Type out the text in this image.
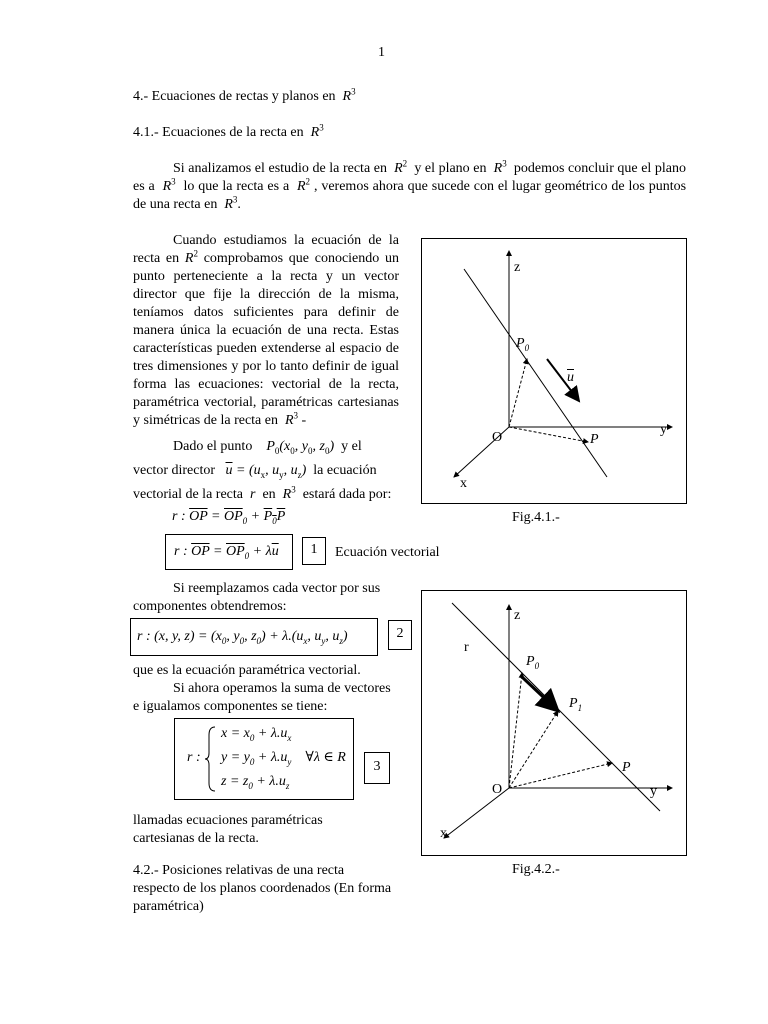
1
4.- Ecuaciones de rectas y planos en $R^3$
4.1.- Ecuaciones de la recta en $R^3$
Si analizamos el estudio de la recta en $R^2$ y el plano en $R^3$ podemos concluir que el plano es a $R^3$ lo que la recta es a $R^2$ , veremos ahora que sucede con el lugar geométrico de los puntos de una recta en $R^3$.
Cuando estudiamos la ecuación de la recta en $R^2$ comprobamos que conociendo un punto perteneciente a la recta y un vector director que fije la dirección de la misma, teníamos datos suficientes para definir de manera única la ecuación de una recta. Estas características pueden extenderse al espacio de tres dimensiones y por lo tanto definir de igual forma las ecuaciones: vectorial de la recta, paramétrica vectorial, paramétricas cartesianas y simétricas de la recta en $R^3$ -
Dado el punto $P_0(x_0$, $y_0$, $z_0$) y el
vector director $\overline{u} = (u_x$, $u_y$, $u_z$) la ecuación
vectorial de la recta r en $R^3$ estará dada por:
r : $\overline{OP} = \overline{OP}_0 + \overline{P}_0\overline{P}$
r : $\overline{OP} = \overline{OP}_0 + \lambda\overline{u}$	1	Ecuación vectorial
Si reemplazamos cada vector por sus
componentes obtendremos:
r : (x, y, $z) = (x_0$, $y_0$, $z_0) + \lambda.(u_x$, $u_y$, $u_z$)	2
que es la ecuación paramétrica vectorial.
Si ahora operamos la suma de vectores
e igualamos componentes se tiene:
r :
$x = x_0 + \lambda.u_x$
$y = y_0 + \lambda.u_y$    ∀λ ∈ R
$z = z_0 + \lambda.u_z$
3
llamadas ecuaciones paramétricas
cartesianas de la recta.
4.2.- Posiciones relativas de una recta
respecto de los planos coordenados (En forma
paramétrica)
z
y
x
O
$P_0$
$\overline{u}$
P
Fig.4.1.-
z
y
x
O
r
$P_0$
$P_1$
P
Fig.4.2.-
